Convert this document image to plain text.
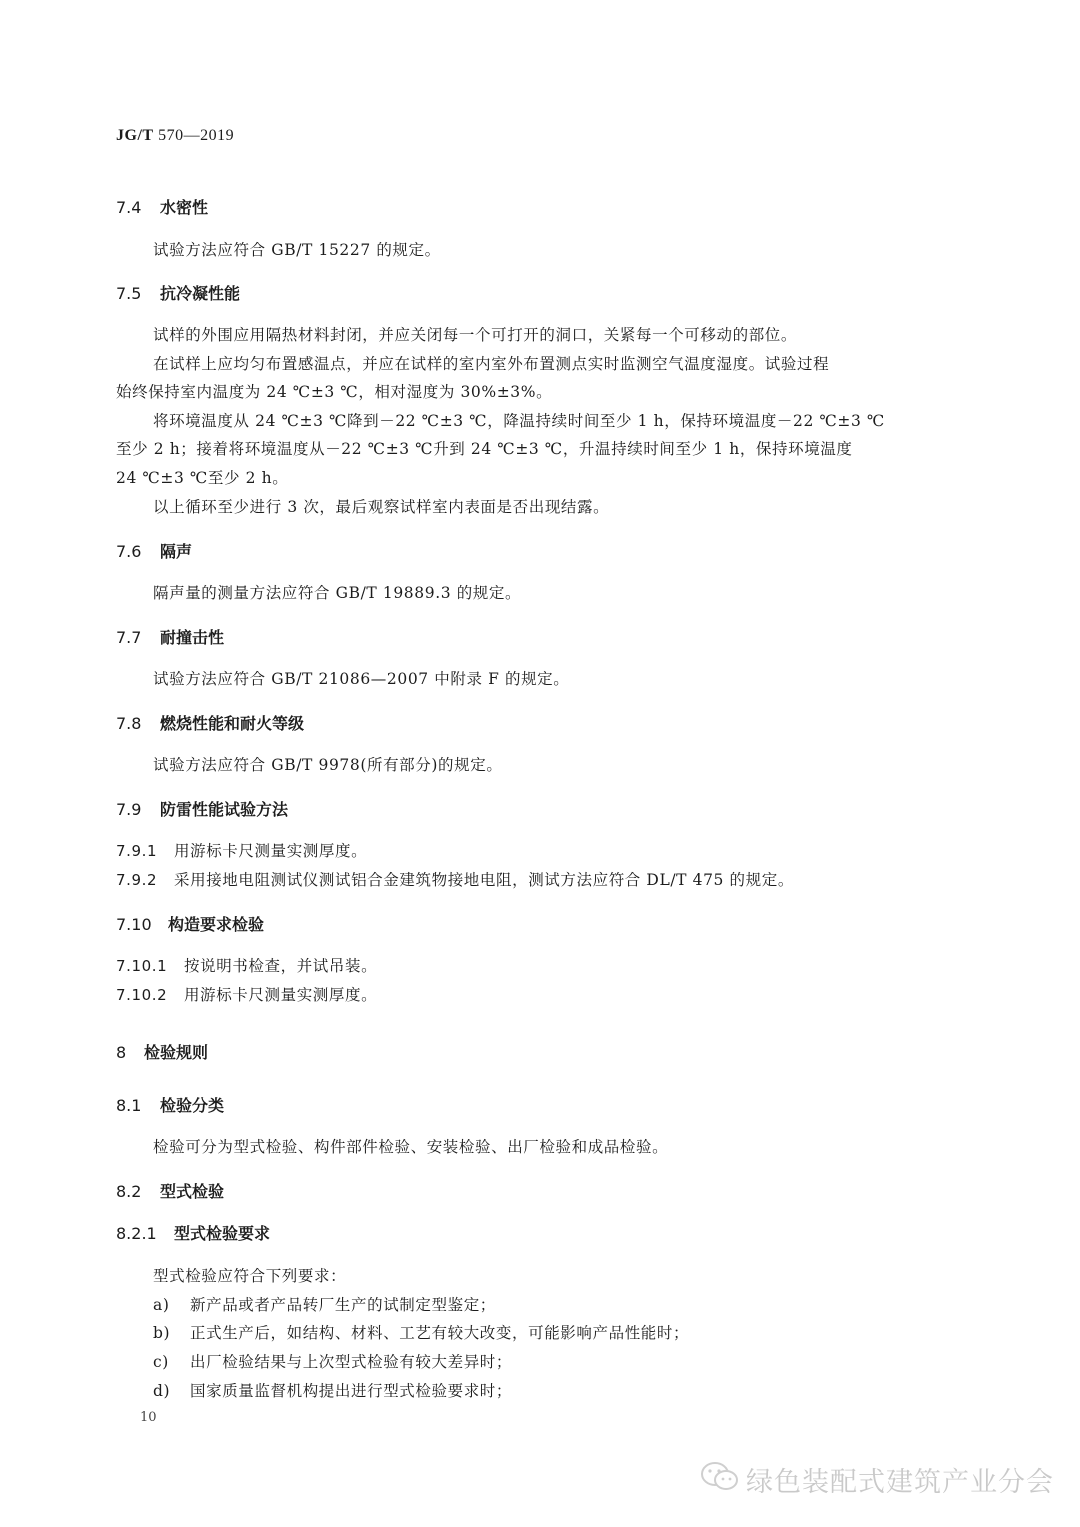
JG/T 570—2019
7.4 水密性
试验方法应符合 GB/T 15227 的规定。
7.5 抗冷凝性能
试样的外围应用隔热材料封闭，并应关闭每一个可打开的洞口，关紧每一个可移动的部位。
在试样上应均匀布置感温点，并应在试样的室内室外布置测点实时监测空气温度湿度。试验过程
始终保持室内温度为 24 ℃±3 ℃，相对湿度为 30%±3%。
将环境温度从 24 ℃±3 ℃降到－22 ℃±3 ℃，降温持续时间至少 1 h，保持环境温度－22 ℃±3 ℃
至少 2 h；接着将环境温度从－22 ℃±3 ℃升到 24 ℃±3 ℃，升温持续时间至少 1 h，保持环境温度
24 ℃±3 ℃至少 2 h。
以上循环至少进行 3 次，最后观察试样室内表面是否出现结露。
7.6 隔声
隔声量的测量方法应符合 GB/T 19889.3 的规定。
7.7 耐撞击性
试验方法应符合 GB/T 21086—2007 中附录 F 的规定。
7.8 燃烧性能和耐火等级
试验方法应符合 GB/T 9978(所有部分)的规定。
7.9 防雷性能试验方法
7.9.1 用游标卡尺测量实测厚度。
7.9.2 采用接地电阻测试仪测试铝合金建筑物接地电阻，测试方法应符合 DL/T 475 的规定。
7.10 构造要求检验
7.10.1 按说明书检查，并试吊装。
7.10.2 用游标卡尺测量实测厚度。
8 检验规则
8.1 检验分类
检验可分为型式检验、构件部件检验、安装检验、出厂检验和成品检验。
8.2 型式检验
8.2.1 型式检验要求
型式检验应符合下列要求：
a) 新产品或者产品转厂生产的试制定型鉴定；
b) 正式生产后，如结构、材料、工艺有较大改变，可能影响产品性能时；
c) 出厂检验结果与上次型式检验有较大差异时；
d) 国家质量监督机构提出进行型式检验要求时；
10
绿色装配式建筑产业分会
